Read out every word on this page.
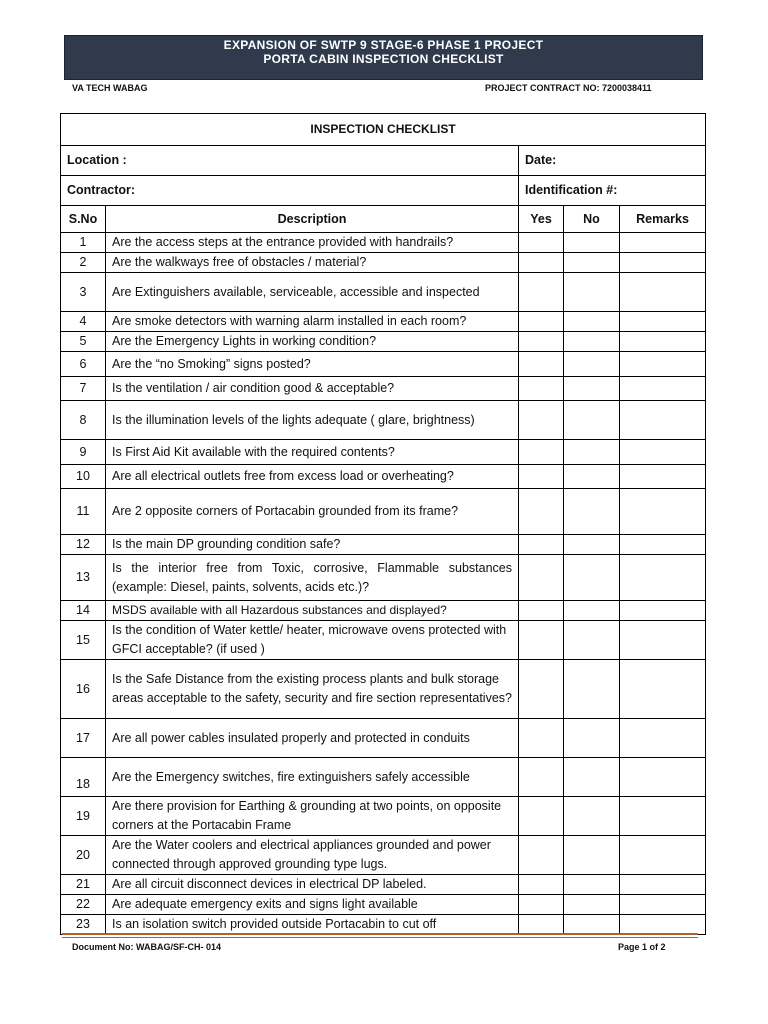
EXPANSION OF SWTP 9 STAGE-6 PHASE 1 PROJECT
PORTA CABIN INSPECTION CHECKLIST
VA TECH WABAG	PROJECT CONTRACT NO: 7200038411
INSPECTION CHECKLIST				
Location :		Date:		
Contractor:		Identification #:		
S.No	Description	Yes	No	Remarks
1	Are the access steps at the entrance provided with handrails?			
2	Are the walkways free of obstacles / material?			
3	Are Extinguishers available, serviceable, accessible and inspected			
4	Are smoke detectors with warning alarm installed in each room?			
5	Are the Emergency Lights in working condition?			
6	Are the “no Smoking” signs posted?			
7	Is the ventilation / air condition good & acceptable?			
8	Is the illumination levels of the lights adequate ( glare, brightness)			
9	Is First Aid Kit available with the required contents?			
10	Are all electrical outlets free from excess load or overheating?			
11	Are 2 opposite corners of Portacabin grounded from its frame?			
12	Is the main DP grounding condition safe?			
13	Is the interior free from Toxic, corrosive, Flammable substances (example: Diesel, paints, solvents, acids etc.)?			
14	MSDS available with all Hazardous substances and displayed?			
15	Is the condition of Water kettle/ heater, microwave ovens protected with GFCI acceptable? (if used )			
16	Is the Safe Distance from the existing process plants and bulk storage areas acceptable to the safety, security and fire section representatives?			
17	Are all power cables insulated properly and protected in conduits			
18	Are the Emergency switches, fire extinguishers safely accessible			
19	Are there provision for Earthing & grounding at two points, on opposite corners at the Portacabin Frame			
20	Are the Water coolers and electrical appliances grounded and power connected through approved grounding type lugs.			
21	Are all circuit disconnect devices in electrical DP labeled.			
22	Are adequate emergency exits and signs light available			
23	Is an isolation switch provided outside Portacabin to cut off			
Document No: WABAG/SF-CH- 014	Page 1 of 2
